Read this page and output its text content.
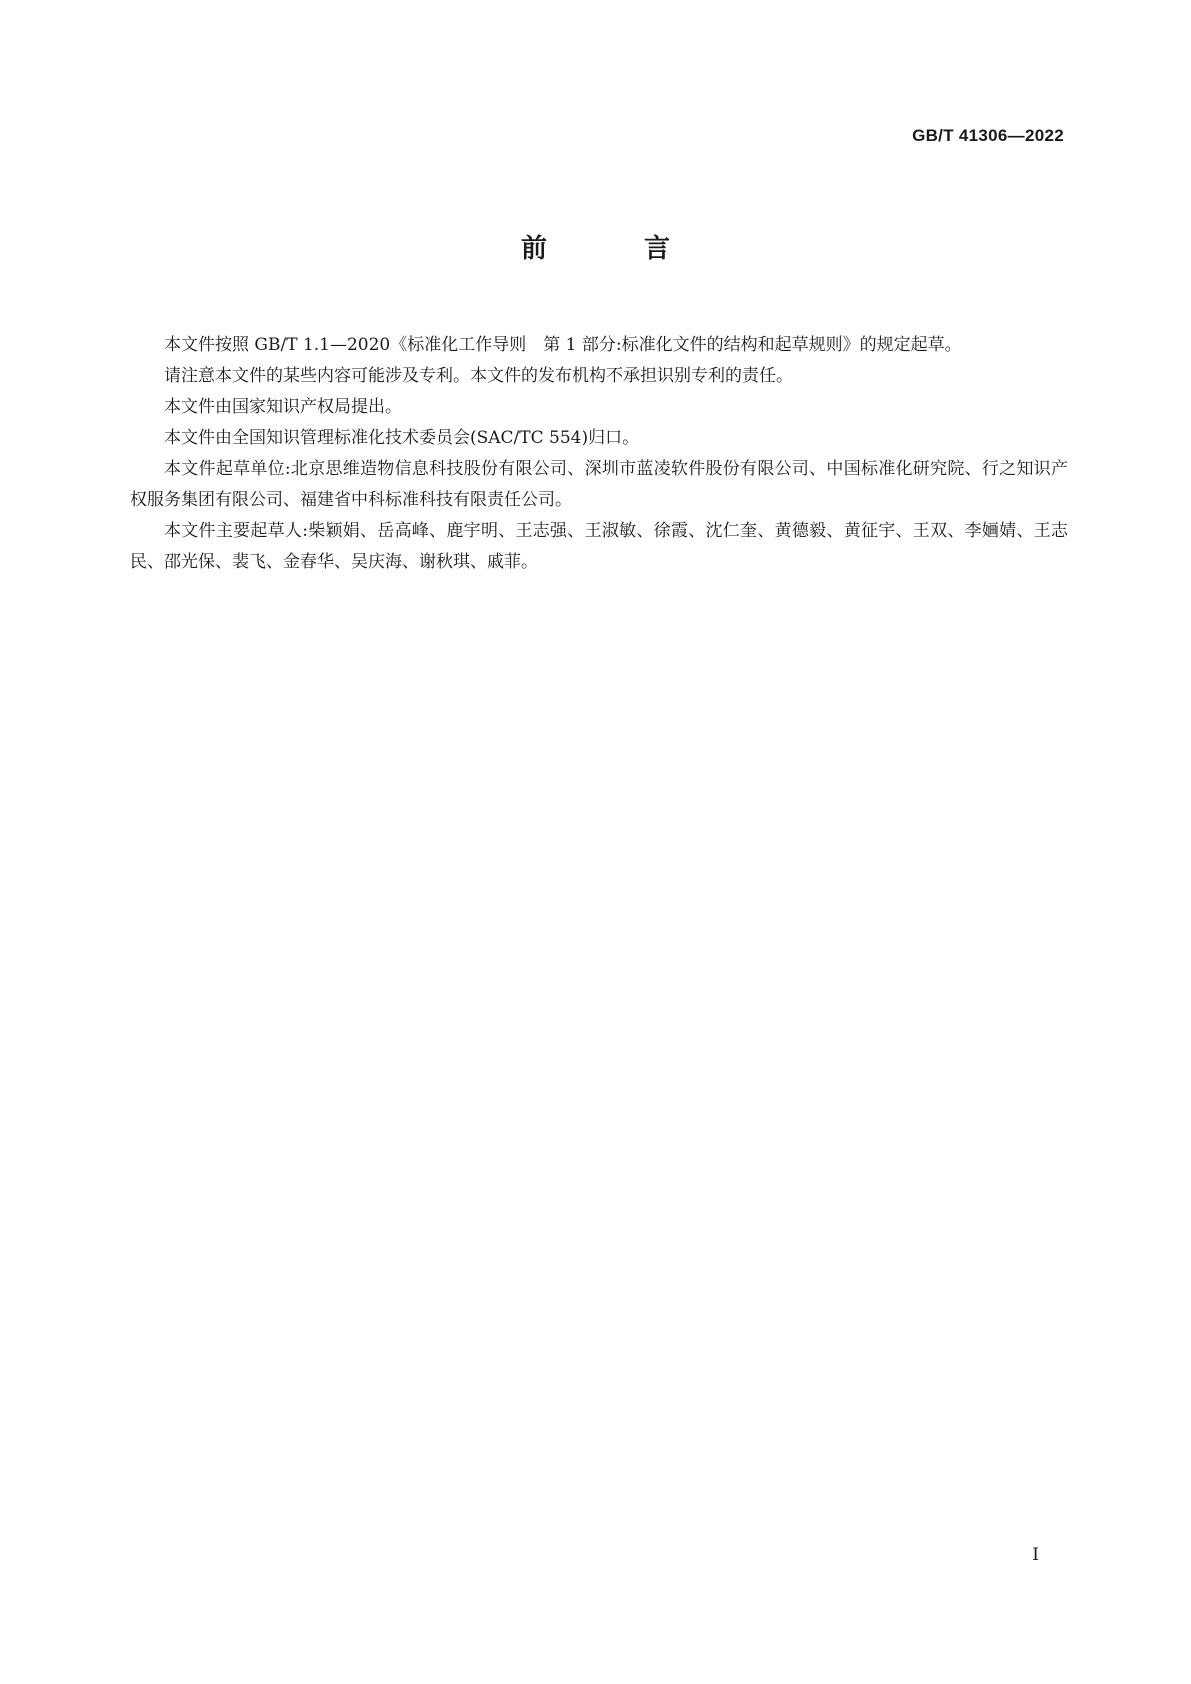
GB/T 41306—2022
前 言

本文件按照 GB/T 1.1—2020《标准化工作导则　第 1 部分:标准化文件的结构和起草规则》的规定起草。

请注意本文件的某些内容可能涉及专利。本文件的发布机构不承担识别专利的责任。

本文件由国家知识产权局提出。

本文件由全国知识管理标准化技术委员会(SAC/TC 554)归口。

本文件起草单位:北京思维造物信息科技股份有限公司、深圳市蓝凌软件股份有限公司、中国标准化研究院、行之知识产权服务集团有限公司、福建省中科标准科技有限责任公司。

本文件主要起草人:柴颖娟、岳高峰、鹿宇明、王志强、王淑敏、徐霞、沈仁奎、黄德毅、黄征宇、王双、李婳婧、王志民、邵光保、裴飞、金春华、吴庆海、谢秋琪、戚菲。

I
